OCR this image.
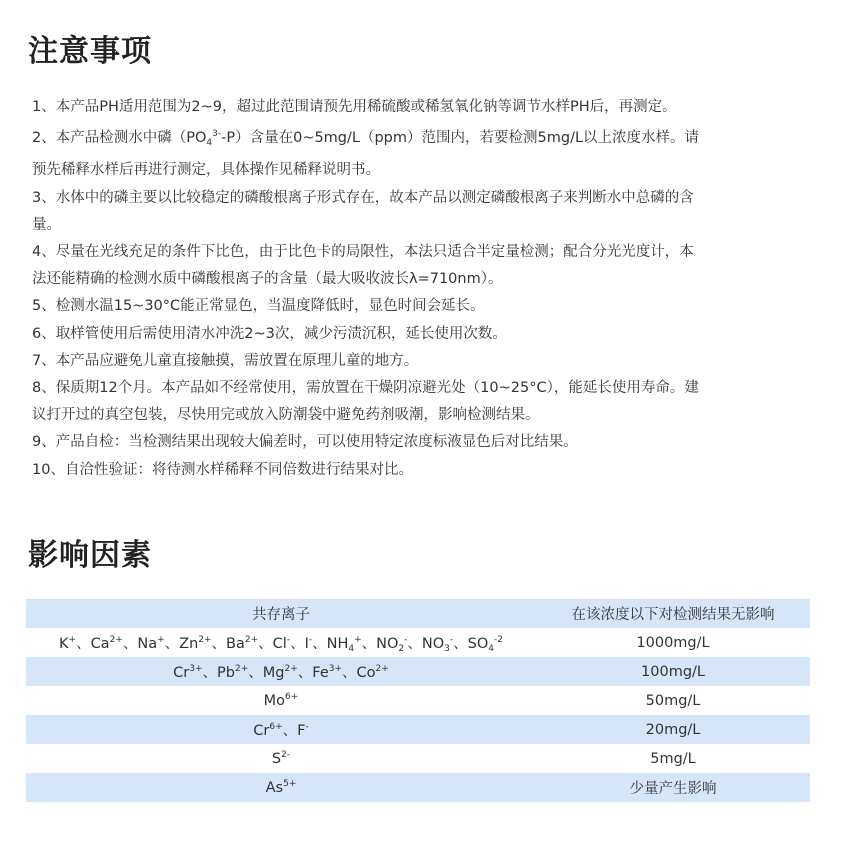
注意事项

1、本产品PH适用范围为2~9，超过此范围请预先用稀硫酸或稀氢氧化钠等调节水样PH后，再测定。

2、本产品检测水中磷$(PO_4^{3-}-P)$含量在0~5mg/L（ppm）范围内，若要检测5mg/L以上浓度水样。请

预先稀释水样后再进行测定，具体操作见稀释说明书。

3、水体中的磷主要以比较稳定的磷酸根离子形式存在，故本产品以测定磷酸根离子来判断水中总磷的含

量。

4、尽量在光线充足的条件下比色，由于比色卡的局限性，本法只适合半定量检测；配合分光光度计，本

法还能精确的检测水质中磷酸根离子的含量（最大吸收波长λ=710nm）。

5、检测水温15~30°C能正常显色，当温度降低时，显色时间会延长。

6、取样管使用后需使用清水冲洗2~3次，减少污渍沉积，延长使用次数。

7、本产品应避免儿童直接触摸，需放置在原理儿童的地方。

8、保质期12个月。本产品如不经常使用，需放置在干燥阴凉避光处（10~25°C），能延长使用寿命。建

议打开过的真空包装，尽快用完或放入防潮袋中避免药剂吸潮，影响检测结果。

9、产品自检：当检测结果出现较大偏差时，可以使用特定浓度标液显色后对比结果。

10、自洽性验证：将待测水样稀释不同倍数进行结果对比。

影响因素
共存离子	在该浓度以下对检测结果无影响
K+、$Ca^{2+}$、Na+、$Zn^{2+}$、$Ba^{2+}$、Cl-、I-、$NH_4^+$、$NO_2^-$、$NO_3^-$、$SO_4^{-2}$	1000mg/L
$Cr^{3+}$、$Pb^{2+}$、$Mg^{2+}$、$Fe^{3+}$、$Co^{2+}$	100mg/L
$Mo^{6+}$	50mg/L
$Cr^{6+}$、F-	20mg/L
$S^{2-}$	5mg/L
$As^{5+}$	少量产生影响
